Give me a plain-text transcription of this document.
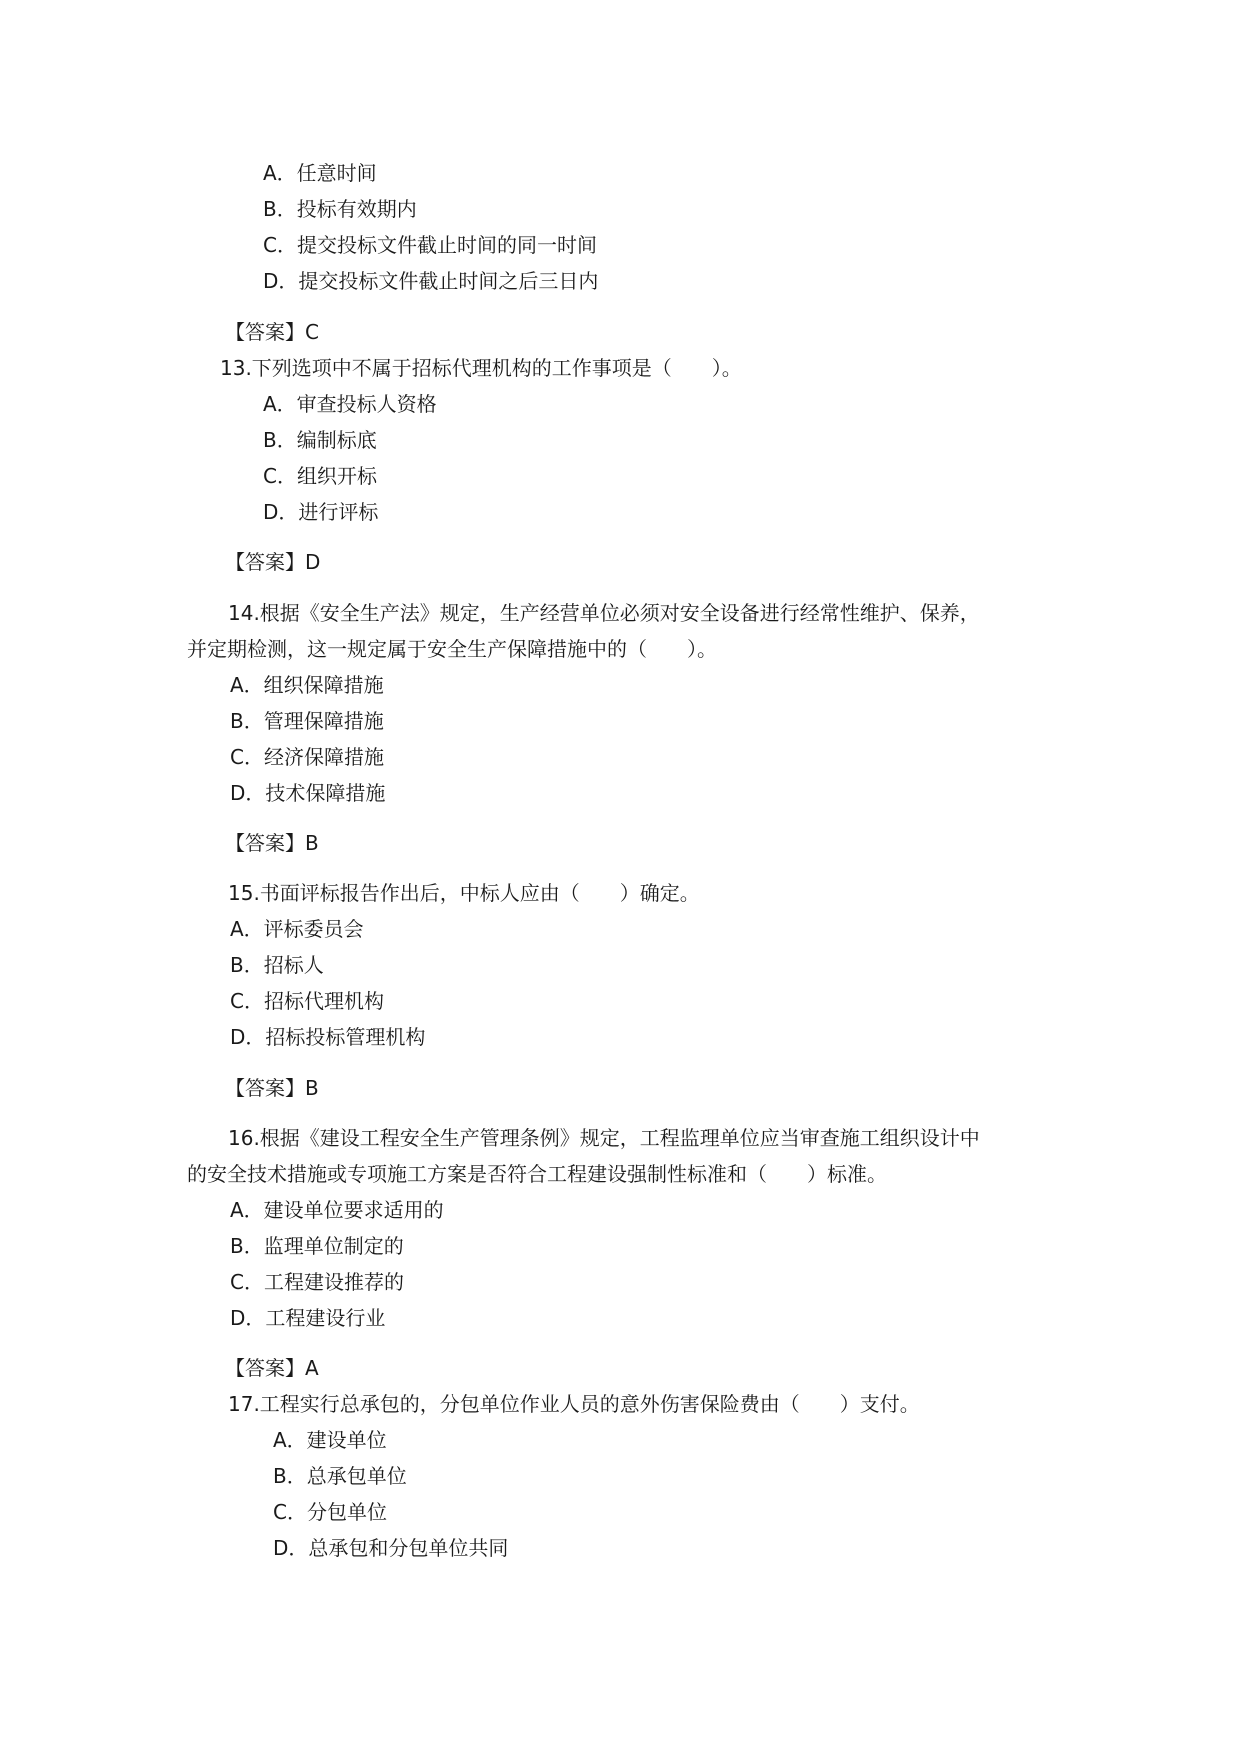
A．任意时间
B．投标有效期内
C．提交投标文件截止时间的同一时间
D．提交投标文件截止时间之后三日内
【答案】C
13.下列选项中不属于招标代理机构的工作事项是（　　）。
A．审查投标人资格
B．编制标底
C．组织开标
D．进行评标
【答案】D
14.根据《安全生产法》规定，生产经营单位必须对安全设备进行经常性维护、保养，
并定期检测，这一规定属于安全生产保障措施中的（　　）。
A．组织保障措施
B．管理保障措施
C．经济保障措施
D．技术保障措施
【答案】B
15.书面评标报告作出后，中标人应由（　　）确定。
A．评标委员会
B．招标人
C．招标代理机构
D．招标投标管理机构
【答案】B
16.根据《建设工程安全生产管理条例》规定，工程监理单位应当审查施工组织设计中
的安全技术措施或专项施工方案是否符合工程建设强制性标准和（　　）标准。
A．建设单位要求适用的
B．监理单位制定的
C．工程建设推荐的
D．工程建设行业
【答案】A
17.工程实行总承包的，分包单位作业人员的意外伤害保险费由（　　）支付。
A．建设单位
B．总承包单位
C．分包单位
D．总承包和分包单位共同
